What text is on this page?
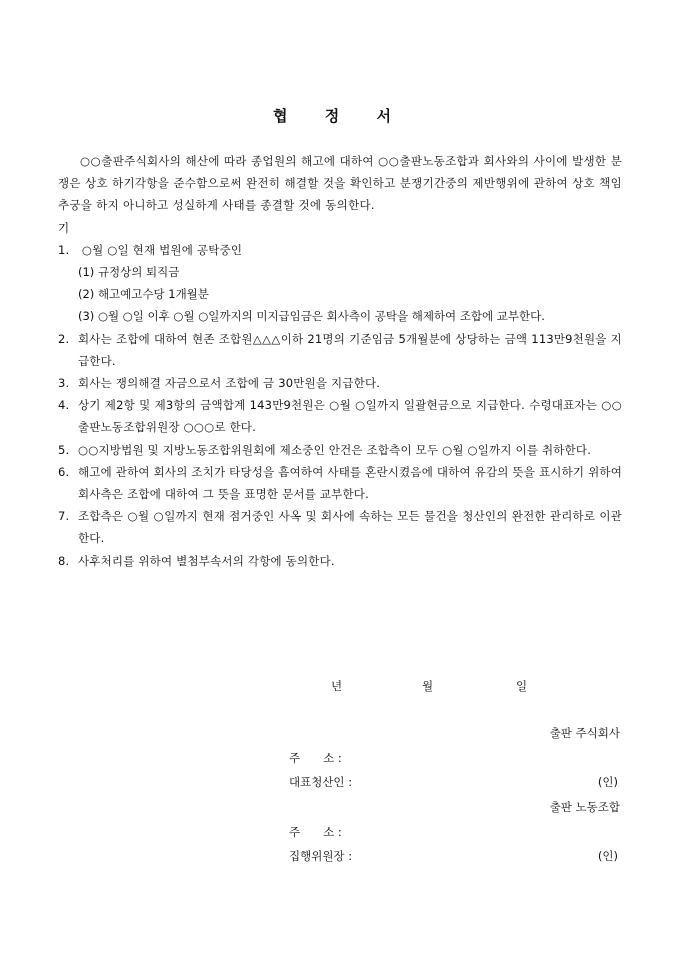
협 정 서
○○출판주식회사의 해산에 따라 종업원의 해고에 대하여 ○○출판노동조합과 회사와의 사이에 발생한 분쟁은 상호 하기각항을 준수함으로써 완전히 해결할 것을 확인하고 분쟁기간중의 제반행위에 관하여 상호 책임 추궁을 하지 아니하고 성실하게 사태를 종결할 것에 동의한다.
기
1. ○월 ○일 현재 법원에 공탁중인
(1) 규정상의 퇴직금
(2) 해고예고수당 1개월분
(3) ○월 ○일 이후 ○월 ○일까지의 미지급임금은 회사측이 공탁을 해제하여 조합에 교부한다.
2. 회사는 조합에 대하여 현존 조합원△△△이하 21명의 기준임금 5개월분에 상당하는 금액 113만9천원을 지급한다.
3. 회사는 쟁의해결 자금으로서 조합에 금 30만원을 지급한다.
4. 상기 제2항 및 제3항의 금액합계 143만9천원은 ○월 ○일까지 일괄현금으로 지급한다. 수령대표자는 ○○출판노동조합위원장 ○○○로 한다.
5. ○○지방법원 및 지방노동조합위원회에 제소중인 안건은 조합측이 모두 ○월 ○일까지 이를 취하한다.
6. 해고에 관하여 회사의 조치가 타당성을 흠여하여 사태를 혼란시켰음에 대하여 유감의 뜻을 표시하기 위하여 회사측은 조합에 대하여 그 뜻을 표명한 문서를 교부한다.
7. 조합측은 ○월 ○일까지 현재 점거중인 사옥 및 회사에 속하는 모든 물건을 청산인의 완전한 관리하로 이관한다.
8. 사후처리를 위하여 별첨부속서의 각항에 동의한다.
년	월	일
출판 주식회사
주　　소 :
대표청산인 :	(인)
출판 노동조합
주　　소 :
집행위원장 :	(인)
